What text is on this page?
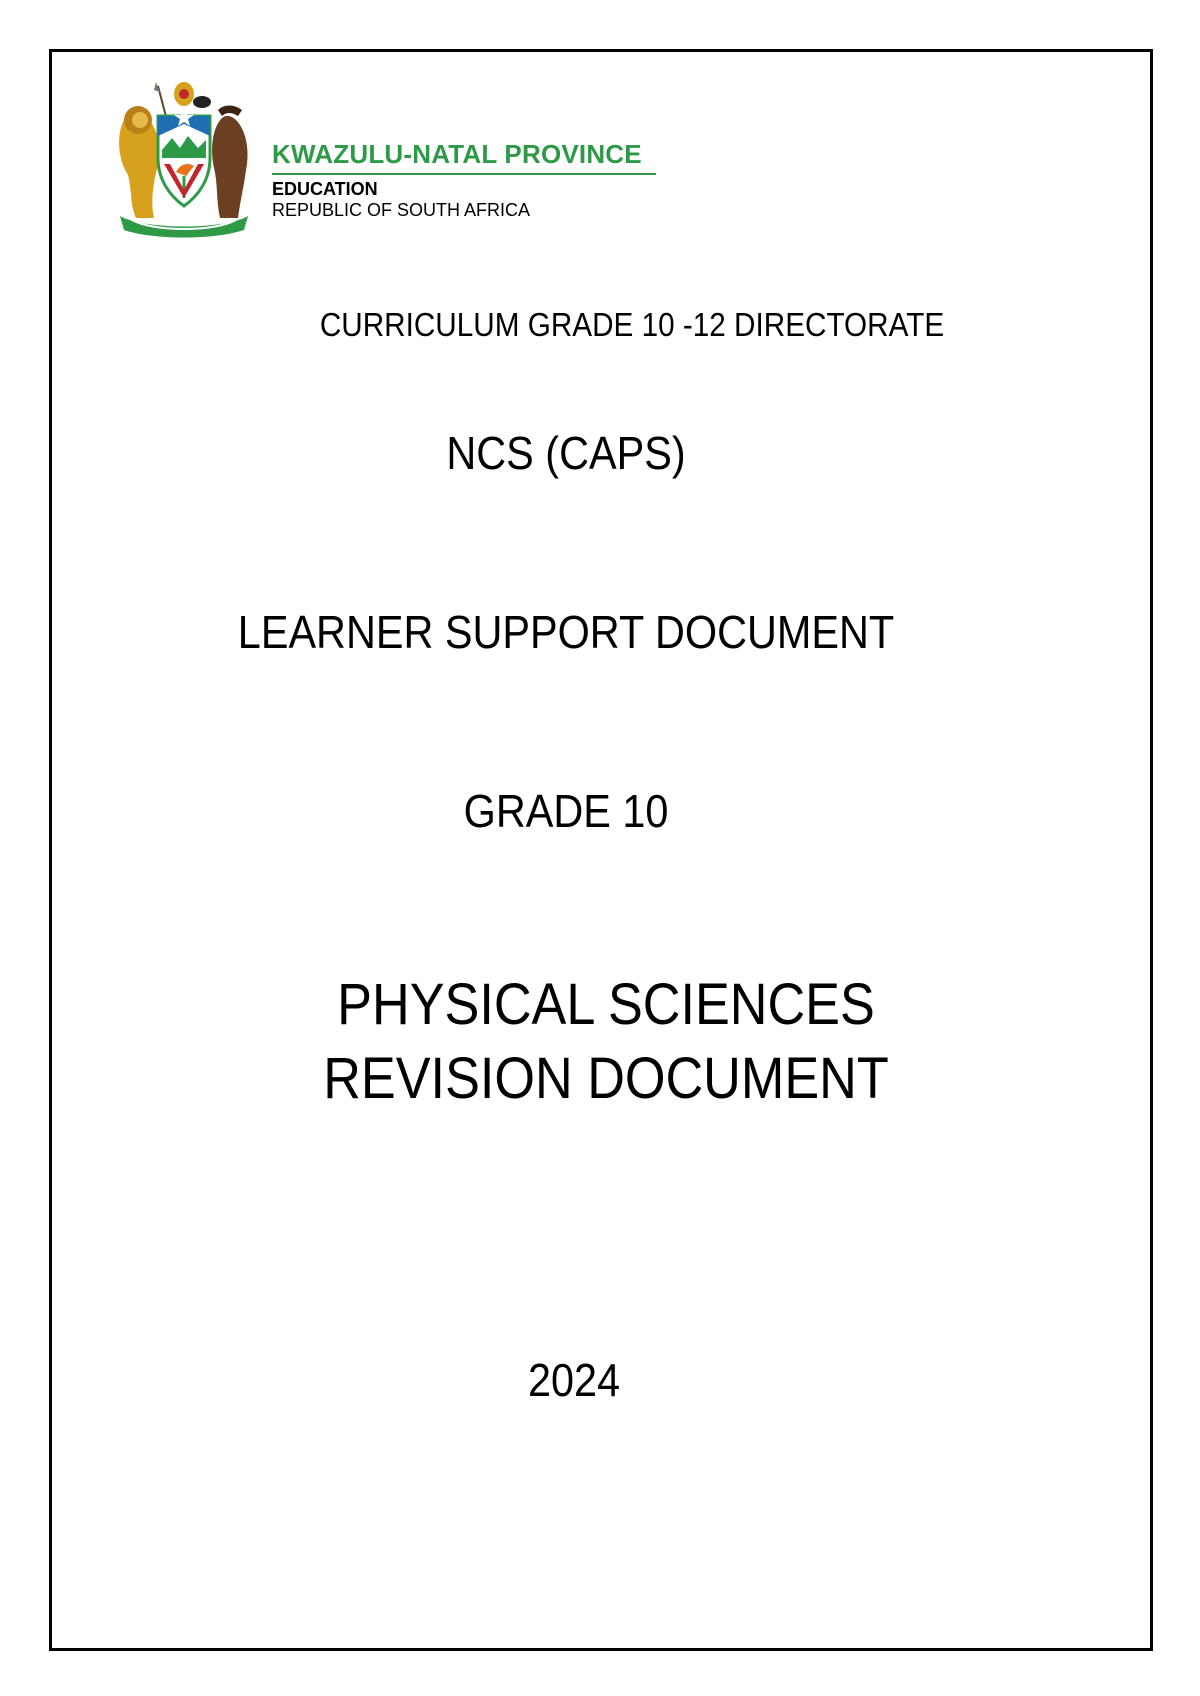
KWAZULU-NATAL PROVINCE
EDUCATION
REPUBLIC OF SOUTH AFRICA
CURRICULUM GRADE 10 -12 DIRECTORATE
NCS (CAPS)
LEARNER SUPPORT DOCUMENT
GRADE 10
PHYSICAL SCIENCES
REVISION DOCUMENT
2024
